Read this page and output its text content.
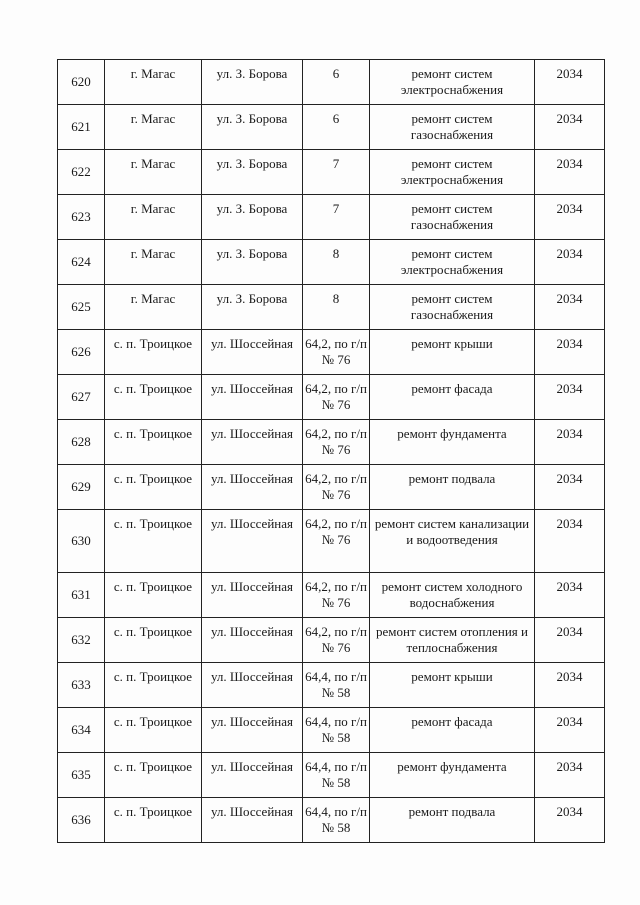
620	г. Магас	ул. З. Борова	6	ремонт систем электроснабжения	2034
621	г. Магас	ул. З. Борова	6	ремонт систем газоснабжения	2034
622	г. Магас	ул. З. Борова	7	ремонт систем электроснабжения	2034
623	г. Магас	ул. З. Борова	7	ремонт систем газоснабжения	2034
624	г. Магас	ул. З. Борова	8	ремонт систем электроснабжения	2034
625	г. Магас	ул. З. Борова	8	ремонт систем газоснабжения	2034
626	с. п. Троицкое	ул. Шоссейная	64,2, по г/п № 76	ремонт крыши	2034
627	с. п. Троицкое	ул. Шоссейная	64,2, по г/п № 76	ремонт фасада	2034
628	с. п. Троицкое	ул. Шоссейная	64,2, по г/п № 76	ремонт фундамента	2034
629	с. п. Троицкое	ул. Шоссейная	64,2, по г/п № 76	ремонт подвала	2034
630	с. п. Троицкое	ул. Шоссейная	64,2, по г/п № 76	ремонт систем канализации и водоотведения	2034
631	с. п. Троицкое	ул. Шоссейная	64,2, по г/п № 76	ремонт систем холодного водоснабжения	2034
632	с. п. Троицкое	ул. Шоссейная	64,2, по г/п № 76	ремонт систем отопления и теплоснабжения	2034
633	с. п. Троицкое	ул. Шоссейная	64,4, по г/п № 58	ремонт крыши	2034
634	с. п. Троицкое	ул. Шоссейная	64,4, по г/п № 58	ремонт фасада	2034
635	с. п. Троицкое	ул. Шоссейная	64,4, по г/п № 58	ремонт фундамента	2034
636	с. п. Троицкое	ул. Шоссейная	64,4, по г/п № 58	ремонт подвала	2034
